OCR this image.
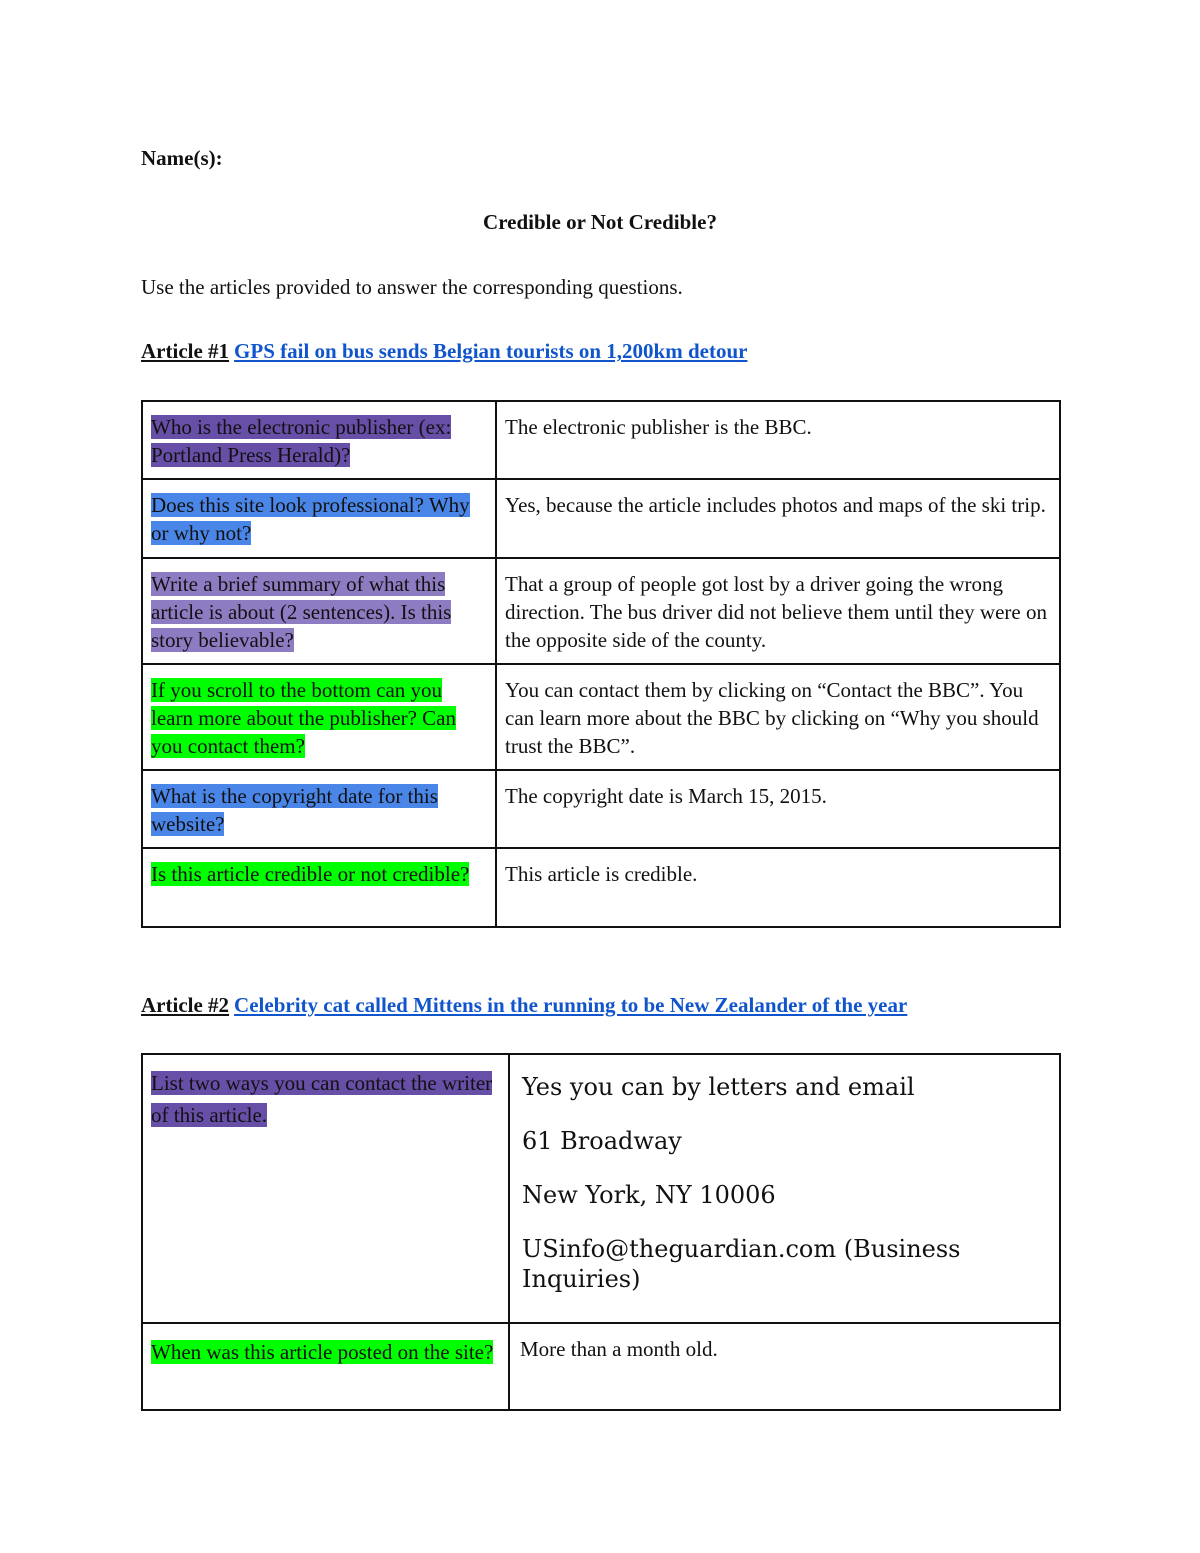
Name(s):
Credible or Not Credible?
Use the articles provided to answer the corresponding questions.
Article #1 GPS fail on bus sends Belgian tourists on 1,200km detour
Who is the electronic publisher (ex: Portland Press Herald)?	The electronic publisher is the BBC.
Does this site look professional? Why or why not?	Yes, because the article includes photos and maps of the ski trip.
Write a brief summary of what this article is about (2 sentences). Is this story believable?	That a group of people got lost by a driver going the wrong direction. The bus driver did not believe them until they were on the opposite side of the county.
If you scroll to the bottom can you learn more about the publisher? Can you contact them?	You can contact them by clicking on “Contact the BBC”. You can learn more about the BBC by clicking on “Why you should trust the BBC”.
What is the copyright date for this website?	The copyright date is March 15, 2015.
Is this article credible or not credible?	This article is credible.
Article #2 Celebrity cat called Mittens in the running to be New Zealander of the year
List two ways you can contact the writer of this article.	Yes you can by letters and email
61 Broadway
New York, NY 10006
USinfo@theguardian.com (Business Inquiries)

When was this article posted on the site?	More than a month old.
